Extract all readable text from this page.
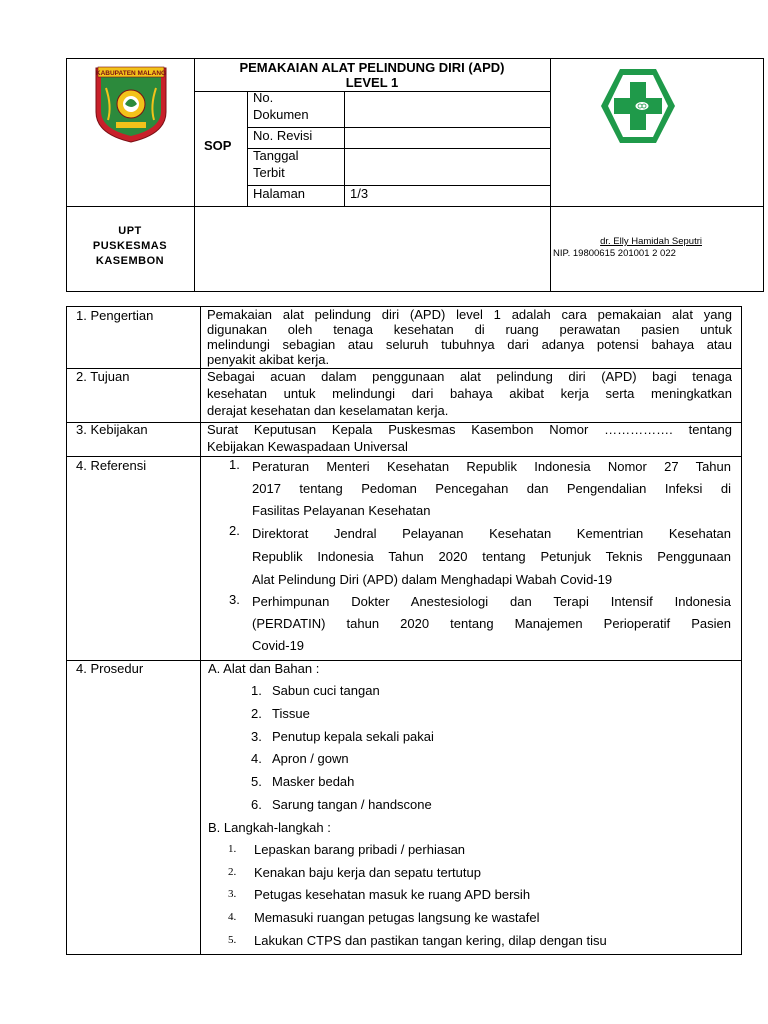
KABUPATEN MALANG	PEMAKAIAN ALAT PELINDUNG DIRI (APD)
LEVEL 1
SOP
No.
Dokumen
No. Revisi
Tanggal
Terbit
Halaman	1/3
UPT
PUSKESMAS
KASEMBON
dr. Elly Hamidah Seputri
NIP. 19800615 201001 2 022
1. Pengertian	Pemakaian alat pelindung diri (APD) level 1 adalah cara pemakaian alat yang
digunakan oleh tenaga kesehatan di ruang perawatan pasien untuk
melindungi sebagian atau seluruh tubuhnya dari adanya potensi bahaya atau
penyakit akibat kerja.
2. Tujuan	Sebagai acuan dalam penggunaan alat pelindung diri (APD) bagi tenaga
kesehatan untuk melindungi dari bahaya akibat kerja serta meningkatkan
derajat kesehatan dan keselamatan kerja.
3. Kebijakan	Surat Keputusan Kepala Puskesmas Kasembon Nomor ……………. tentang
Kebijakan Kewaspadaan Universal
4. Referensi	1. Peraturan Menteri Kesehatan Republik Indonesia Nomor 27 Tahun
2017 tentang Pedoman Pencegahan dan Pengendalian Infeksi di
Fasilitas Pelayanan Kesehatan
2. Direktorat Jendral Pelayanan Kesehatan Kementrian Kesehatan
Republik Indonesia Tahun 2020 tentang Petunjuk Teknis Penggunaan
Alat Pelindung Diri (APD) dalam Menghadapi Wabah Covid-19
3. Perhimpunan Dokter Anestesiologi dan Terapi Intensif Indonesia
(PERDATIN) tahun 2020 tentang Manajemen Perioperatif Pasien
Covid-19
4. Prosedur	A. Alat dan Bahan :
1. Sabun cuci tangan
2. Tissue
3. Penutup kepala sekali pakai
4. Apron / gown
5. Masker bedah
6. Sarung tangan / handscone
B. Langkah-langkah :
1. Lepaskan barang pribadi / perhiasan
2. Kenakan baju kerja dan sepatu tertutup
3. Petugas kesehatan masuk ke ruang APD bersih
4. Memasuki ruangan petugas langsung ke wastafel
5. Lakukan CTPS dan pastikan tangan kering, dilap dengan tisu
